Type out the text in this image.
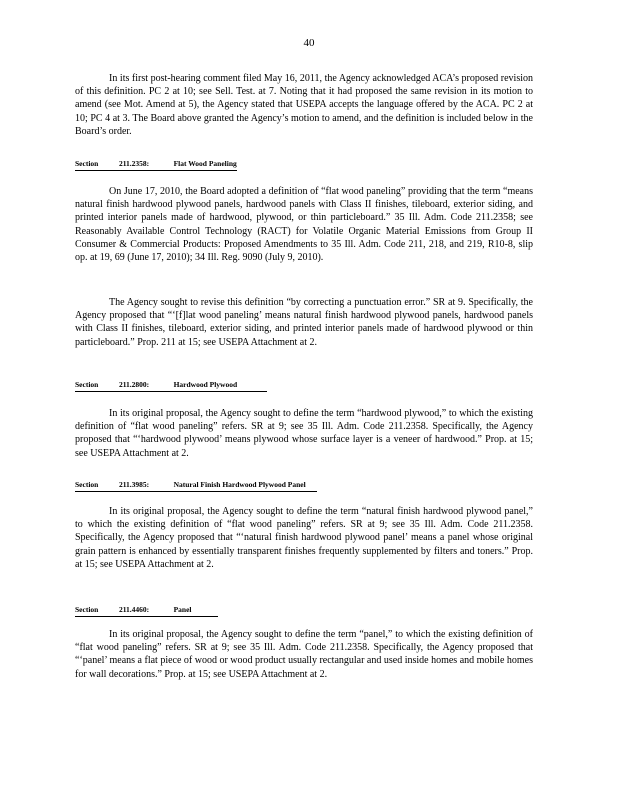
40

In its first post-hearing comment filed May 16, 2011, the Agency acknowledged ACA’s proposed revision of this definition. PC 2 at 10; see Sell. Test. at 7. Noting that it had proposed the same revision in its motion to amend (see Mot. Amend at 5), the Agency stated that USEPA accepts the language offered by the ACA. PC 2 at 10; PC 4 at 3. The Board above granted the Agency’s motion to amend, and the definition is included below in the Board’s order.

Section	211.2358:	Flat Wood Paneling

On June 17, 2010, the Board adopted a definition of “flat wood paneling” providing that the term “means natural finish hardwood plywood panels, hardwood panels with Class II finishes, tileboard, exterior siding, and printed interior panels made of hardwood, plywood, or thin particleboard.” 35 Ill. Adm. Code 211.2358; see Reasonably Available Control Technology (RACT) for Volatile Organic Material Emissions from Group II Consumer & Commercial Products: Proposed Amendments to 35 Ill. Adm. Code 211, 218, and 219, R10-8, slip op. at 19, 69 (June 17, 2010); 34 Ill. Reg. 9090 (July 9, 2010).

The Agency sought to revise this definition “by correcting a punctuation error.” SR at 9. Specifically, the Agency proposed that “‘[f]lat wood paneling’ means natural finish hardwood plywood panels, hardwood panels with Class II finishes, tileboard, exterior siding, and printed interior panels made of hardwood plywood or thin particleboard.” Prop. 211 at 15; see USEPA Attachment at 2.

Section	211.2800:	Hardwood Plywood

In its original proposal, the Agency sought to define the term “hardwood plywood,” to which the existing definition of “flat wood paneling” refers. SR at 9; see 35 Ill. Adm. Code 211.2358. Specifically, the Agency proposed that “‘hardwood plywood’ means plywood whose surface layer is a veneer of hardwood.” Prop. at 15; see USEPA Attachment at 2.

Section	211.3985:	Natural Finish Hardwood Plywood Panel

In its original proposal, the Agency sought to define the term “natural finish hardwood plywood panel,” to which the existing definition of “flat wood paneling” refers. SR at 9; see 35 Ill. Adm. Code 211.2358. Specifically, the Agency proposed that “‘natural finish hardwood plywood panel’ means a panel whose original grain pattern is enhanced by essentially transparent finishes frequently supplemented by filters and toners.” Prop. at 15; see USEPA Attachment at 2.

Section	211.4460:	Panel

In its original proposal, the Agency sought to define the term “panel,” to which the existing definition of “flat wood paneling” refers. SR at 9; see 35 Ill. Adm. Code 211.2358. Specifically, the Agency proposed that “‘panel’ means a flat piece of wood or wood product usually rectangular and used inside homes and mobile homes for wall decorations.” Prop. at 15; see USEPA Attachment at 2.
